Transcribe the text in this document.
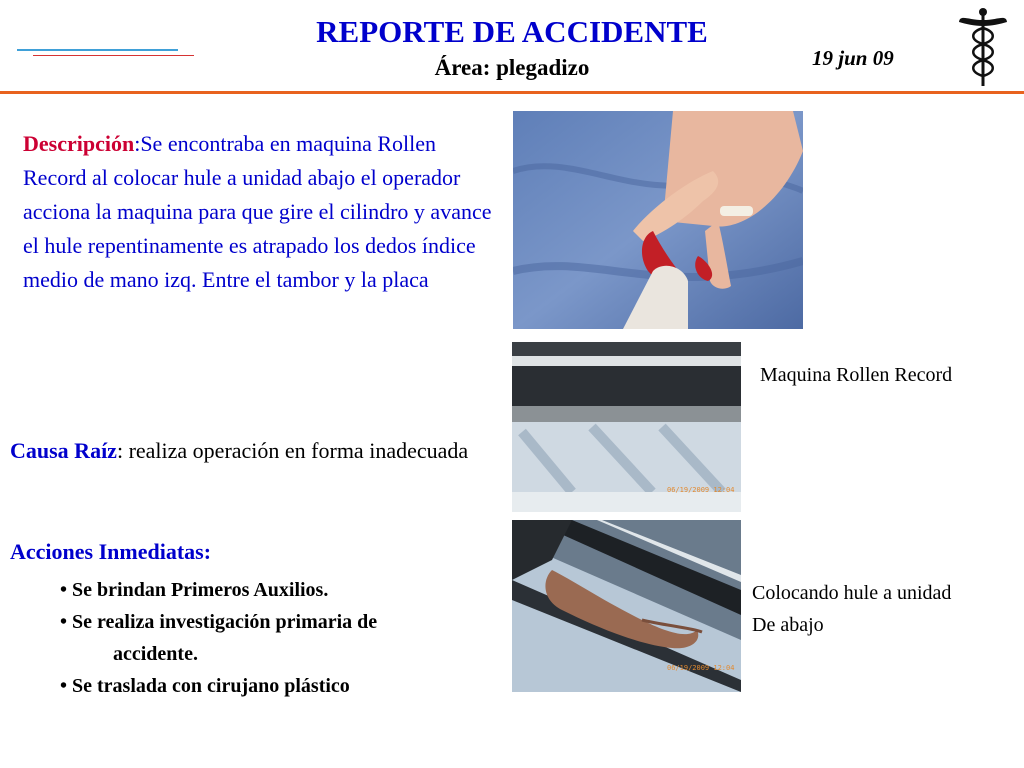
REPORTE DE ACCIDENTE
Área: plegadizo	19 jun 09
Descripción:Se encontraba en maquina Rollen Record al colocar hule a unidad abajo el operador acciona la maquina para que gire el cilindro y avance el hule repentinamente es atrapado los dedos índice medio de mano izq. Entre el tambor y la placa
Causa Raíz: realiza operación en forma inadecuada
Acciones Inmediatas:
• Se brindan Primeros Auxilios.
• Se realiza investigación primaria de
accidente.
• Se traslada con cirujano plástico
06/19/2009 12:04
Maquina Rollen Record
06/19/2009 12:04
Colocando hule a unidad
De abajo
